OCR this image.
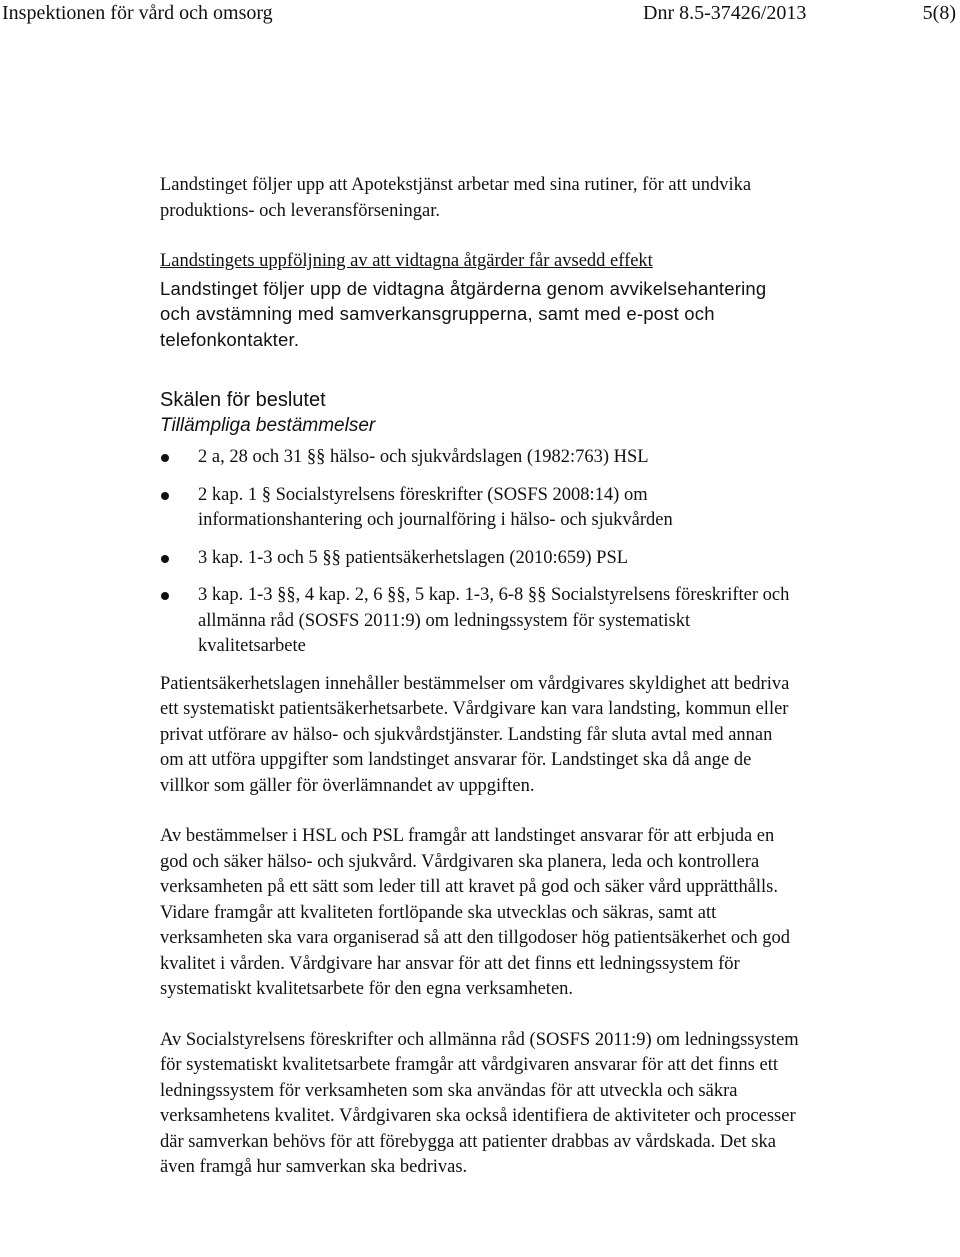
Inspektionen för vård och omsorg	Dnr 8.5-37426/2013	5(8)

Landstinget följer upp att Apotekstjänst arbetar med sina rutiner, för att undvika produktions- och leveransförseningar.

Landstingets uppföljning av att vidtagna åtgärder får avsedd effekt

Landstinget följer upp de vidtagna åtgärderna genom avvikelsehantering och avstämning med samverkansgrupperna, samt med e-post och telefonkontakter.

Skälen för beslutet
Tillämpliga bestämmelser
2 a, 28 och 31 §§ hälso- och sjukvårdslagen (1982:763) HSL
2 kap. 1 § Socialstyrelsens föreskrifter (SOSFS 2008:14) om informationshantering och journalföring i hälso- och sjukvården
3 kap. 1-3 och 5 §§ patientsäkerhetslagen (2010:659) PSL
3 kap. 1-3 §§, 4 kap. 2, 6 §§, 5 kap. 1-3, 6-8 §§ Socialstyrelsens föreskrifter och allmänna råd (SOSFS 2011:9) om ledningssystem för systematiskt kvalitetsarbete

Patientsäkerhetslagen innehåller bestämmelser om vårdgivares skyldighet att bedriva ett systematiskt patientsäkerhetsarbete. Vårdgivare kan vara landsting, kommun eller privat utförare av hälso- och sjukvårdstjänster. Landsting får sluta avtal med annan om att utföra uppgifter som landstinget ansvarar för. Landstinget ska då ange de villkor som gäller för överlämnandet av uppgiften.

Av bestämmelser i HSL och PSL framgår att landstinget ansvarar för att erbjuda en god och säker hälso- och sjukvård. Vårdgivaren ska planera, leda och kontrollera verksamheten på ett sätt som leder till att kravet på god och säker vård upprätthålls. Vidare framgår att kvaliteten fortlöpande ska utvecklas och säkras, samt att verksamheten ska vara organiserad så att den tillgodoser hög patientsäkerhet och god kvalitet i vården. Vårdgivare har ansvar för att det finns ett ledningssystem för systematiskt kvalitetsarbete för den egna verksamheten.

Av Socialstyrelsens föreskrifter och allmänna råd (SOSFS 2011:9) om ledningssystem för systematiskt kvalitetsarbete framgår att vårdgivaren ansvarar för att det finns ett ledningssystem för verksamheten som ska användas för att utveckla och säkra verksamhetens kvalitet. Vårdgivaren ska också identifiera de aktiviteter och processer där samverkan behövs för att förebygga att patienter drabbas av vårdskada. Det ska även framgå hur samverkan ska bedrivas.
